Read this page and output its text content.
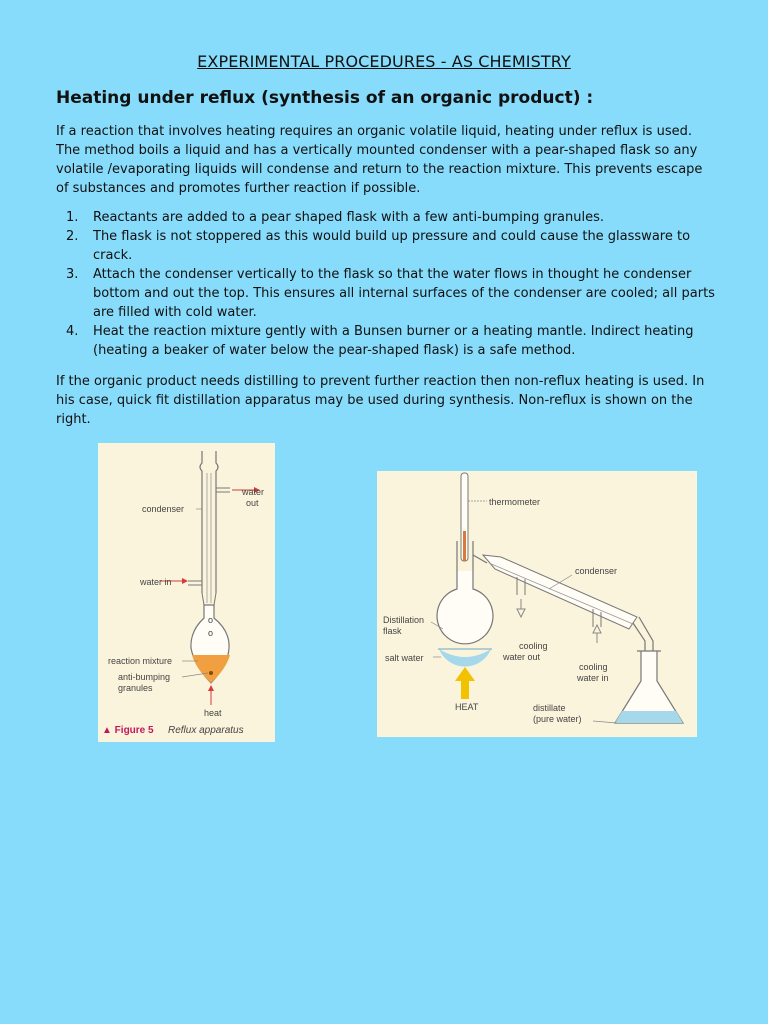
EXPERIMENTAL PROCEDURES - AS CHEMISTRY
Heating under reflux (synthesis of an organic product) :

If a reaction that involves heating requires an organic volatile liquid, heating under reflux is used. The method boils a liquid and has a vertically mounted condenser with a pear-shaped flask so any volatile /evaporating liquids will condense and return to the reaction mixture. This prevents escape of substances and promotes further reaction if possible.

1. Reactants are added to a pear shaped flask with a few anti-bumping granules.
2. The flask is not stoppered as this would build up pressure and could cause the glassware to crack.
3. Attach the condenser vertically to the flask so that the water flows in thought he condenser bottom and out the top. This ensures all internal surfaces of the condenser are cooled; all parts are filled with cold water.
4. Heat the reaction mixture gently with a Bunsen burner or a heating mantle. Indirect heating (heating a beaker of water below the pear-shaped flask) is a safe method.

If the organic product needs distilling to prevent further reaction then non-reflux heating is used. In his case, quick fit distillation apparatus may be used during synthesis. Non-reflux is shown on the right.

o
o
condenser
water
out
water in
reaction mixture
anti-bumping
granules
heat
▲ Figure 5 Reflux apparatus
thermometer
condenser
Distillation
flask
salt water
cooling
water out
cooling
water in
HEAT	distillate
(pure water)
